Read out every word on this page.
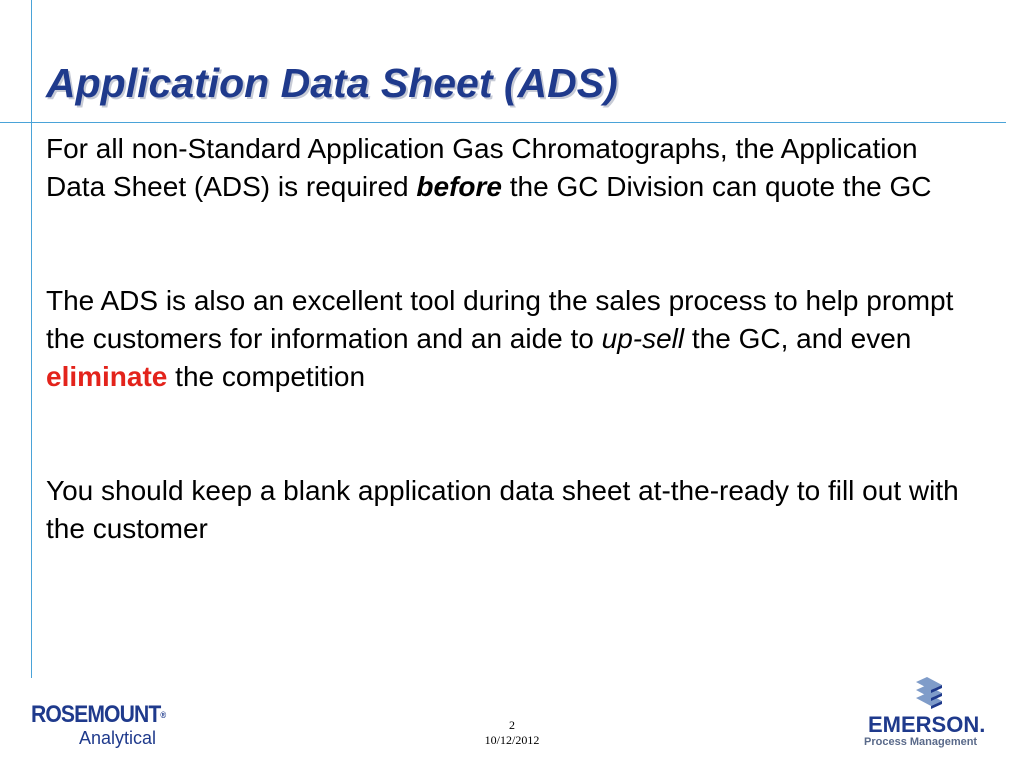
Application Data Sheet (ADS)

For all non-Standard Application Gas Chromatographs, the Application Data Sheet (ADS) is required before the GC Division can quote the GC

The ADS is also an excellent tool during the sales process to help prompt the customers for information and an aide to up-sell the GC, and even eliminate the competition

You should keep a blank application data sheet at-the-ready to fill out with the customer

ROSEMOUNT®
Analytical
2
10/12/2012
EMERSON.
Process Management
